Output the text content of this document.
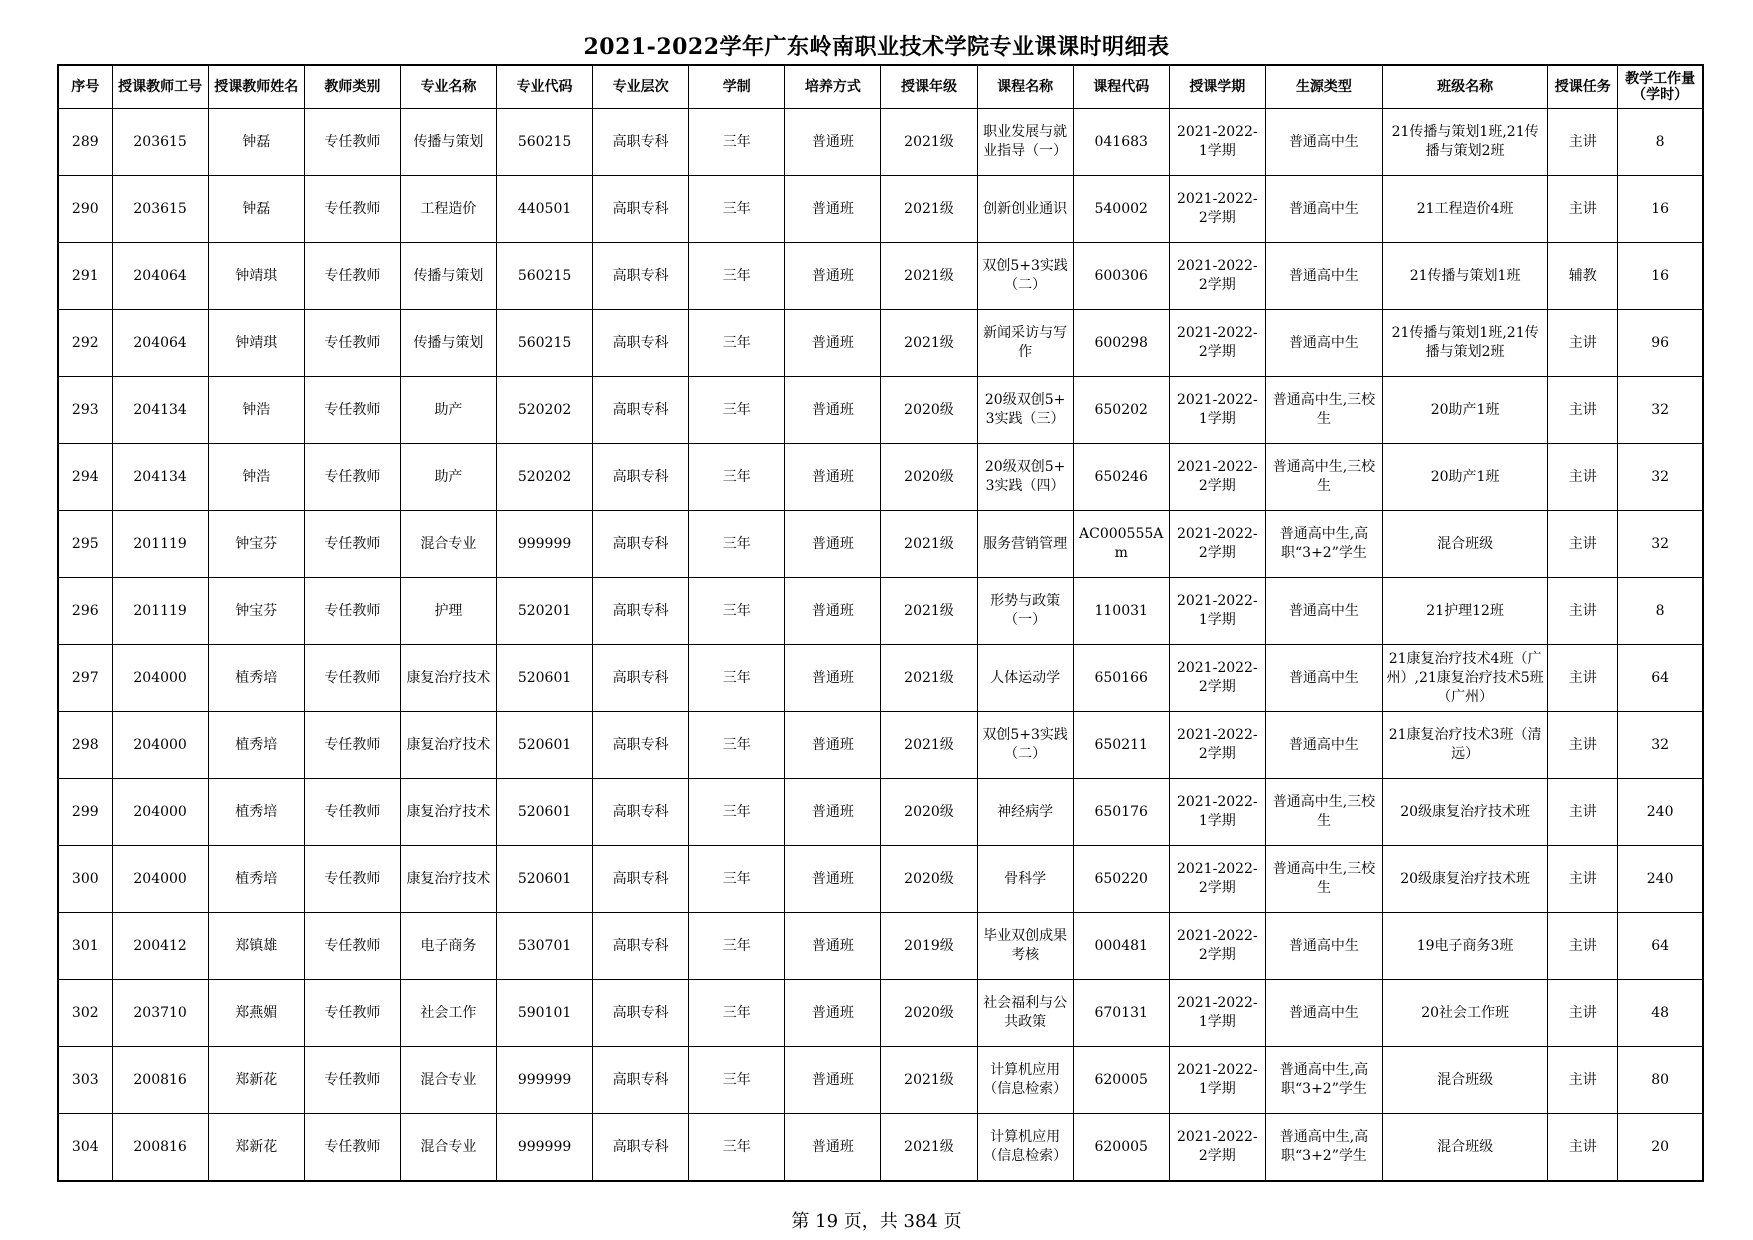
2021-2022学年广东岭南职业技术学院专业课课时明细表
序号	授课教师工号	授课教师姓名	教师类别	专业名称	专业代码	专业层次	学制	培养方式	授课年级	课程名称	课程代码	授课学期	生源类型	班级名称	授课任务	教学工作量（学时）
289	203615	钟磊	专任教师	传播与策划	560215	高职专科	三年	普通班	2021级	职业发展与就业指导（一）	041683	2021-2022-1学期	普通高中生	21传播与策划1班,21传播与策划2班	主讲	8
290	203615	钟磊	专任教师	工程造价	440501	高职专科	三年	普通班	2021级	创新创业通识	540002	2021-2022-2学期	普通高中生	21工程造价4班	主讲	16
291	204064	钟靖琪	专任教师	传播与策划	560215	高职专科	三年	普通班	2021级	双创5+3实践（二）	600306	2021-2022-2学期	普通高中生	21传播与策划1班	辅教	16
292	204064	钟靖琪	专任教师	传播与策划	560215	高职专科	三年	普通班	2021级	新闻采访与写作	600298	2021-2022-2学期	普通高中生	21传播与策划1班,21传播与策划2班	主讲	96
293	204134	钟浩	专任教师	助产	520202	高职专科	三年	普通班	2020级	20级双创5+3实践（三）	650202	2021-2022-1学期	普通高中生,三校生	20助产1班	主讲	32
294	204134	钟浩	专任教师	助产	520202	高职专科	三年	普通班	2020级	20级双创5+3实践（四）	650246	2021-2022-2学期	普通高中生,三校生	20助产1班	主讲	32
295	201119	钟宝芬	专任教师	混合专业	999999	高职专科	三年	普通班	2021级	服务营销管理	AC000555Am	2021-2022-2学期	普通高中生,高职“3+2”学生	混合班级	主讲	32
296	201119	钟宝芬	专任教师	护理	520201	高职专科	三年	普通班	2021级	形势与政策（一）	110031	2021-2022-1学期	普通高中生	21护理12班	主讲	8
297	204000	植秀培	专任教师	康复治疗技术	520601	高职专科	三年	普通班	2021级	人体运动学	650166	2021-2022-2学期	普通高中生	21康复治疗技术4班（广州）,21康复治疗技术5班（广州）	主讲	64
298	204000	植秀培	专任教师	康复治疗技术	520601	高职专科	三年	普通班	2021级	双创5+3实践（二）	650211	2021-2022-2学期	普通高中生	21康复治疗技术3班（清远）	主讲	32
299	204000	植秀培	专任教师	康复治疗技术	520601	高职专科	三年	普通班	2020级	神经病学	650176	2021-2022-1学期	普通高中生,三校生	20级康复治疗技术班	主讲	240
300	204000	植秀培	专任教师	康复治疗技术	520601	高职专科	三年	普通班	2020级	骨科学	650220	2021-2022-2学期	普通高中生,三校生	20级康复治疗技术班	主讲	240
301	200412	郑镇雄	专任教师	电子商务	530701	高职专科	三年	普通班	2019级	毕业双创成果考核	000481	2021-2022-2学期	普通高中生	19电子商务3班	主讲	64
302	203710	郑燕媚	专任教师	社会工作	590101	高职专科	三年	普通班	2020级	社会福利与公共政策	670131	2021-2022-1学期	普通高中生	20社会工作班	主讲	48
303	200816	郑新花	专任教师	混合专业	999999	高职专科	三年	普通班	2021级	计算机应用（信息检索）	620005	2021-2022-1学期	普通高中生,高职“3+2”学生	混合班级	主讲	80
304	200816	郑新花	专任教师	混合专业	999999	高职专科	三年	普通班	2021级	计算机应用（信息检索）	620005	2021-2022-2学期	普通高中生,高职“3+2”学生	混合班级	主讲	20
第 19 页，共 384 页
